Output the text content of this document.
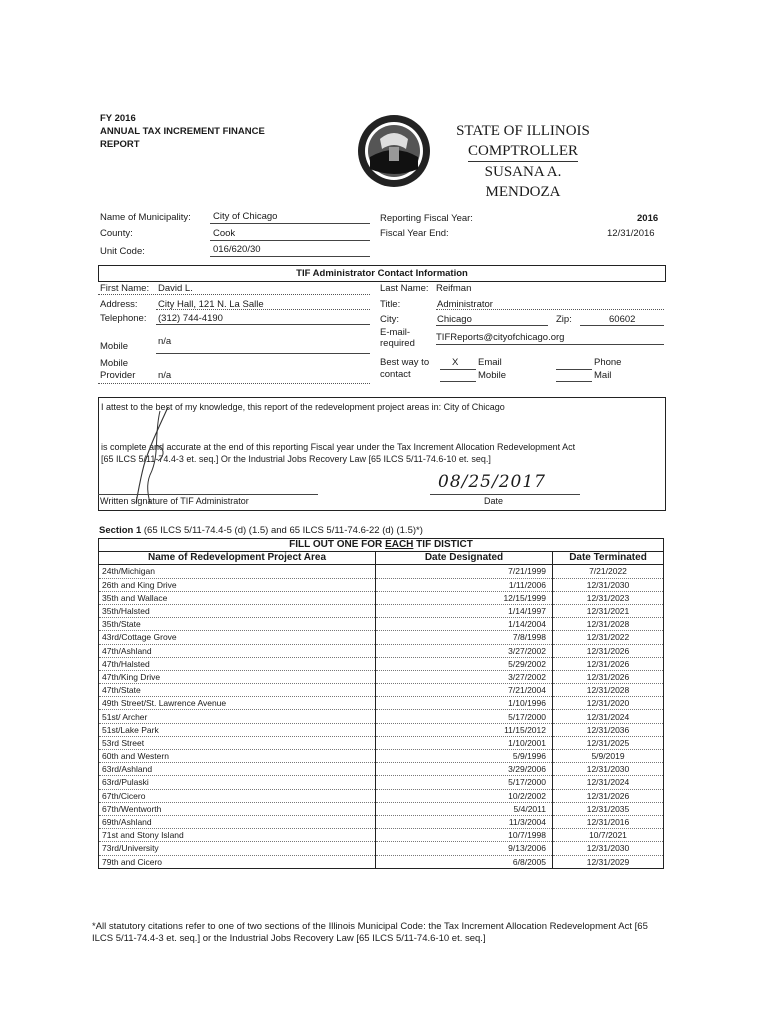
FY 2016
ANNUAL TAX INCREMENT FINANCE
REPORT
STATE OF ILLINOIS
COMPTROLLER
SUSANA A. MENDOZA
Name of Municipality: City of Chicago
County:	Cook
Unit Code:	016/620/30
Reporting Fiscal Year:	2016
Fiscal Year End:	12/31/2016
TIF Administrator Contact Information
First Name: David L.	Last Name: Reifman
Address: City Hall, 121 N. La Salle	Title:	Administrator
Telephone: (312) 744-4190	City:	Chicago	Zip:	60602
Mobile	n/a
E-mail-
required
TIFReports@cityofchicago.org
Mobile
Provider n/a
Best way to
contact
X Email	Phone
Mobile	Mail
I attest to the best of my knowledge, this report of the redevelopment project areas in: City of Chicago
is complete and accurate at the end of this reporting Fiscal year under the Tax Increment Allocation Redevelopment Act
[65 ILCS 5/11-74.4-3 et. seq.] Or the Industrial Jobs Recovery Law [65 ILCS 5/11-74.6-10 et. seq.]
08/25/2017
Written signature of TIF Administrator	Date
Section 1 (65 ILCS 5/11-74.4-5 (d) (1.5) and 65 ILCS 5/11-74.6-22 (d) (1.5)*)
FILL OUT ONE FOR EACH TIF DISTICT		
Name of Redevelopment Project Area	Date Designated	Date Terminated
24th/Michigan	7/21/1999	7/21/2022
26th and King Drive	1/11/2006	12/31/2030
35th and Wallace	12/15/1999	12/31/2023
35th/Halsted	1/14/1997	12/31/2021
35th/State	1/14/2004	12/31/2028
43rd/Cottage Grove	7/8/1998	12/31/2022
47th/Ashland	3/27/2002	12/31/2026
47th/Halsted	5/29/2002	12/31/2026
47th/King Drive	3/27/2002	12/31/2026
47th/State	7/21/2004	12/31/2028
49th Street/St. Lawrence Avenue	1/10/1996	12/31/2020
51st/ Archer	5/17/2000	12/31/2024
51st/Lake Park	11/15/2012	12/31/2036
53rd Street	1/10/2001	12/31/2025
60th and Western	5/9/1996	5/9/2019
63rd/Ashland	3/29/2006	12/31/2030
63rd/Pulaski	5/17/2000	12/31/2024
67th/Cicero	10/2/2002	12/31/2026
67th/Wentworth	5/4/2011	12/31/2035
69th/Ashland	11/3/2004	12/31/2016
71st and Stony Island	10/7/1998	10/7/2021
73rd/University	9/13/2006	12/31/2030
79th and Cicero	6/8/2005	12/31/2029
*All statutory citations refer to one of two sections of the Illinois Municipal Code: the Tax Increment Allocation Redevelopment Act [65 ILCS 5/11-74.4-3 et. seq.] or the Industrial Jobs Recovery Law [65 ILCS 5/11-74.6-10 et. seq.]
